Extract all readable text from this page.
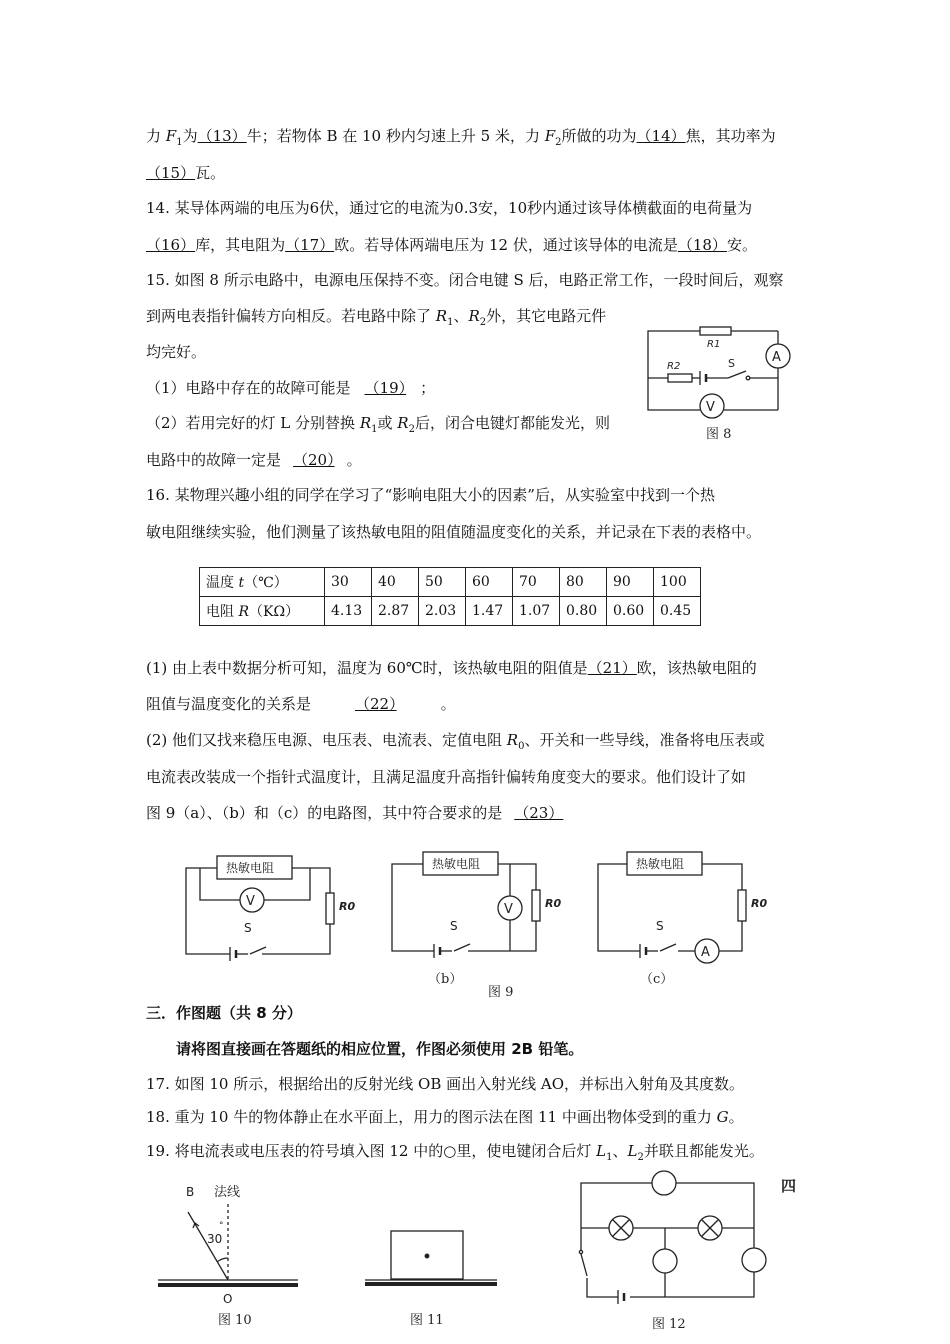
力 $F_1$为（13）牛；若物体 B 在 10 秒内匀速上升 5 米，力 $F_2$所做的功为（14）焦，其功率为
（15）瓦。
14. 某导体两端的电压为6伏，通过它的电流为0.3安，10秒内通过该导体横截面的电荷量为
（16）库，其电阻为（17）欧。若导体两端电压为 12 伏，通过该导体的电流是（18）安。
15. 如图 8 所示电路中，电源电压保持不变。闭合电键 S 后，电路正常工作，一段时间后，观察
到两电表指针偏转方向相反。若电路中除了 $R_1$、$R_2$外，其它电路元件
均完好。
（1）电路中存在的故障可能是 （19） ；
（2）若用完好的灯 L 分别替换 $R_1$或 $R_2$后，闭合电键灯都能发光，则
电路中的故障一定是 （20） 。
16. 某物理兴趣小组的同学在学习了“影响电阻大小的因素”后，从实验室中找到一个热
敏电阻继续实验，他们测量了该热敏电阻的阻值随温度变化的关系，并记录在下表的表格中。
温度 t（℃）	30	40	50	60	70	80	90	100
电阻 R（KΩ）	4.13	2.87	2.03	1.47	1.07	0.80	0.60	0.45
(1) 由上表中数据分析可知，温度为 60℃时，该热敏电阻的阻值是（21）欧，该热敏电阻的
阻值与温度变化的关系是	（22）	。
(2) 他们又找来稳压电源、电压表、电流表、定值电阻 $R_0$、开关和一些导线，准备将电压表或
电流表改装成一个指针式温度计，且满足温度升高指针偏转角度变大的要求。他们设计了如
图 9（a）、（b）和（c）的电路图，其中符合要求的是 （23）
三．作图题（共 8 分）
请将图直接画在答题纸的相应位置，作图必须使用 2B 铅笔。
17. 如图 10 所示，根据给出的反射光线 OB 画出入射光线 AO，并标出入射角及其度数。
18. 重为 10 牛的物体静止在水平面上，用力的图示法在图 11 中画出物体受到的重力 G。
19. 将电流表或电压表的符号填入图 12 中的○里，使电键闭合后灯 $L_1$、$L_2$并联且都能发光。
R1
R2	S	A
V
图 8
热敏电阻
R0
V
S
热敏电阻
R0
V
S
（b）
图 9
热敏电阻
R0
A
S
（c）
B 法线
30
°
O
图 10	图 11	图 12
四
